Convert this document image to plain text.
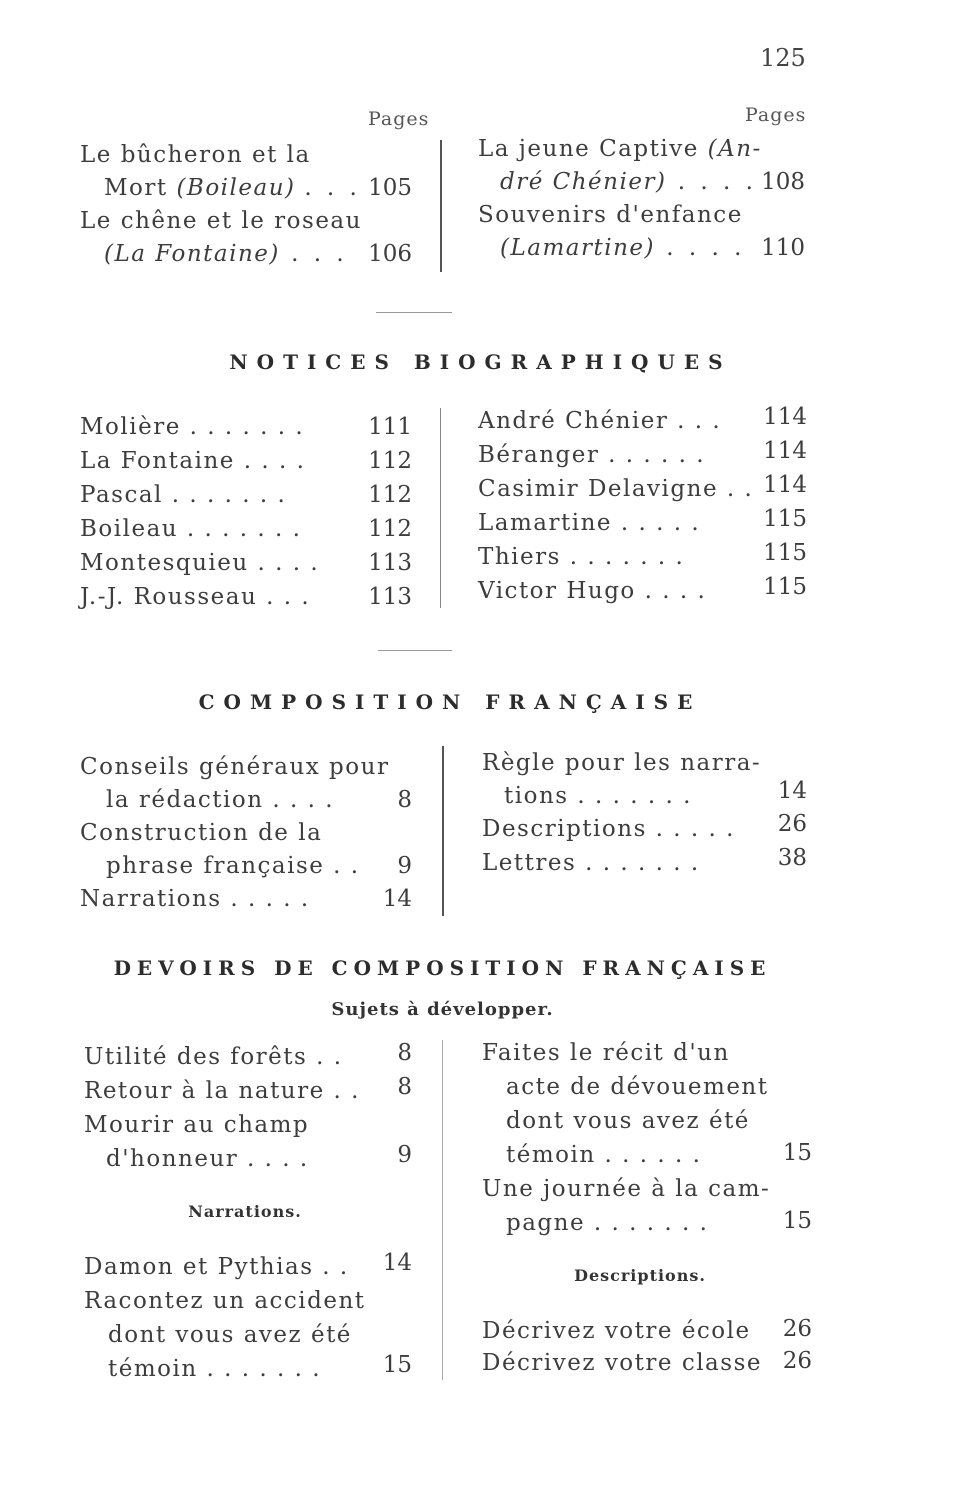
125
Pages	Pages
Le bûcheron et la
Mort (Boileau) . . . 105
Le chêne et le roseau
(La Fontaine) . . . 106
La jeune Captive (An-
dré Chénier) . . . . 108
Souvenirs d'enfance
(Lamartine) . . . . 110
NOTICES BIOGRAPHIQUES
Molière . . . . . . .	111
La Fontaine . . . .	112
Pascal . . . . . . .	112
Boileau . . . . . . .	112
Montesquieu . . . . 113
J.-J. Rousseau . . .	113
André Chénier . . . 114
Béranger . . . . . .	114
Casimir Delavigne . . 114
Lamartine . . . . .	115
Thiers . . . . . . .	115
Victor Hugo . . . . 115
COMPOSITION FRANÇAISE
Conseils généraux pour
la rédaction . . . .	8
Construction de la
phrase française . .	9
Narrations . . . . .	14
Règle pour les narra-
tions . . . . . . .	14
Descriptions . . . . .	26
Lettres . . . . . . .	38
DEVOIRS DE COMPOSITION FRANÇAISE
Sujets à développer.
Utilité des forêts . .	8
Retour à la nature . .	8
Mourir au champ
d'honneur . . . .	9
Narrations.
Damon et Pythias . .	14
Racontez un accident
dont vous avez été
témoin . . . . . . .	15
Faites le récit d'un
acte de dévouement
dont vous avez été
témoin . . . . . .	15
Une journée à la cam-
pagne . . . . . . .	15
Descriptions.
Décrivez votre école	26
Décrivez votre classe 26
